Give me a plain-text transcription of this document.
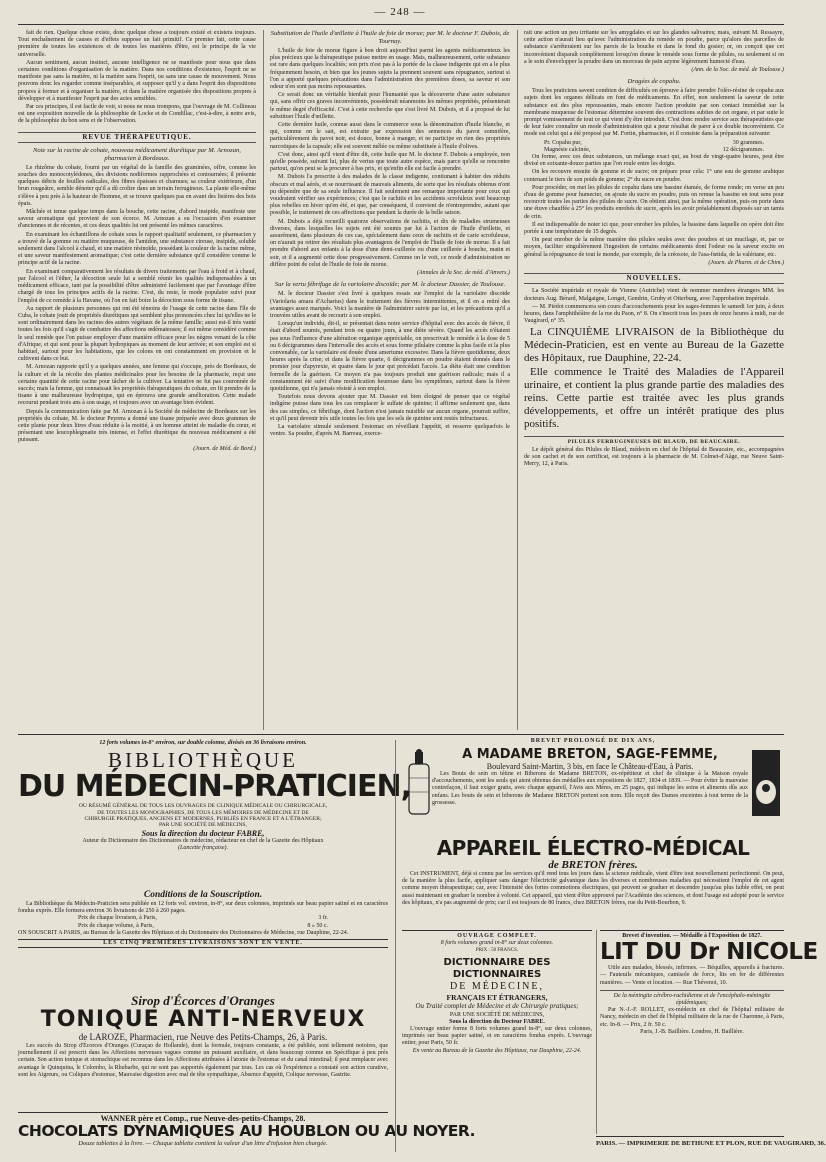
— 248 —

fait de rien. Quelque chose existe, donc quelque chose a toujours existé et existera toujours. Tout enchaînement de causes et d'effets suppose un fait primitif. Ce premier fait, cette cause première de toutes les existences et de toutes les manières d'être, est le principe de la vie universelle.

Aucun sentiment, aucun instinct, aucune intelligence ne se manifeste pour nous que dans certaines conditions d'organisation de la matière. Dans nos conditions d'existence, l'esprit ne se manifeste pas sans la matière, ni la matière sans l'esprit, ou sans une cause de mouvement. Nous pouvons donc les regarder comme inséparables, et supposer qu'il y a dans l'esprit des dispositions propres à former et à organiser la matière, et dans la matière organisée des dispositions propres à développer et à manifester l'esprit par des actes sensibles.

Par ces principes, il est facile de voir, si nous ne nous trompons, que l'ouvrage de M. Collineau est une exposition nouvelle de la philosophie de Locke et de Condillac, c'est-à-dire, à notre avis, de la philosophie du bon sens et de l'observation.

REVUE THÉRAPEUTIQUE.
Note sur la racine de cohate, nouveau médicament diurétique par M. Arnozan, pharmacien à Bordeaux.

Le rhizôme du cohate, fourni par un végétal de la famille des graminées, offre, comme les souches des monocotylédones, des divisions nodiformes rapprochées et contournées; il présente quelques débris de feuilles radicales, des fibres épaisses et charnues; sa couleur extérieure, d'un brun rougeâtre, semble dénoter qu'il a dû croître dans un terrain ferrugineux. La plante elle-même s'élève à peu près à la hauteur de l'homme, et se trouve quelques pas en avant des lisières des bois épais.

Mâchée et tenue quelque temps dans la bouche, cette racine, d'abord insipide, manifeste une saveur aromatique qui provient de son écorce. M. Arnozan a eu l'occasion d'en examiner d'anciennes et de récentes, et ces deux qualités lui ont présenté les mêmes caractères.

En examinant les échantillons de cohate sous le rapport qualitatif seulement, ce pharmacien y a trouvé de la gomme ou matière muqueuse, de l'amidon, une substance cireuse, insipide, soluble seulement dans l'alcool à chaud, et une matière résinoïde, possédant la couleur de la racine même, et une saveur manifestement aromatique; c'est cette dernière substance qu'il considère comme le principe actif de la racine.

En examinant comparativement les résultats de divers traitements par l'eau à froid et à chaud, par l'alcool et l'éther, la décoction seule lui a semblé réunir les qualités indispensables à un médicament efficace, tant par la possibilité d'être administré facilement que par l'avantage d'être chargé de tous les principes actifs de la racine. C'est, du reste, le mode populaire suivi pour l'emploi de ce remède à la Havane, où l'on en fait boire la décoction sous forme de tisane.

Au rapport de plusieurs personnes qui ont été témoins de l'usage de cette racine dans l'île de Cuba, le cohate jouit de propriétés diurétiques qui semblent plus prononcées chez lui qu'elles ne le sont ordinairement dans les racines des autres végétaux de la même famille; aussi est-il très vanté toutes les fois qu'il s'agit de combattre des affections œdémateuses; il est même considéré comme le seul remède que l'on puisse employer d'une manière efficace pour les nègres venant de la côte d'Afrique, et qui sont pour la plupart hydropiques au moment de leur arrivée; et son emploi est si habituel, surtout pour les habitations, que les colons en ont constamment en provision et le cultivent dans ce but.

M. Arnozan rapporte qu'il y a quelques années, une femme qui s'occupe, près de Bordeaux, de la culture et de la récolte des plantes médicinales pour les besoins de la pharmacie, reçut une certaine quantité de cette racine pour tâcher de la cultiver. La tentative ne fut pas couronnée de succès; mais la femme, qui connaissait les propriétés thérapeutiques du cohate, en fit prendre de la tisane à une malheureuse hydropique, qui en éprouva une grande amélioration. Cette malade recourut pendant trois ans à son usage, et toujours avec un avantage bien évident.

Depuis la communication faite par M. Arnozan à la Société de médecine de Bordeaux sur les propriétés du cohate, M. le docteur Peyrera a donné une tisane préparée avec deux grammes de cette plante pour deux litres d'eau réduite à la moitié, à un homme atteint de maladie du cœur, et présentant une leucophlegmatie très intense, et l'effet diurétique du nouveau médicament a été puissant.

(Journ. de Méd. de Bord.)
Substitution de l'huile d'œillette à l'huile de foie de morue; par M. le docteur F. Dubois, de Tournay.

L'huile de foie de morue figure à bon droit aujourd'hui parmi les agents médicamenteux les plus précieux que la thérapeutique puisse mettre en usage. Mais, malheureusement, cette substance est rare dans quelques localités; son prix n'est pas à la portée de la classe indigente qui en a le plus fréquemment besoin, et bien que les jeunes sujets la prennent souvent sans répugnance, surtout si l'on a apporté quelques précautions dans l'administration des premières doses, sa saveur et son odeur n'en sont pas moins repoussantes.

Ce serait donc un véritable bienfait pour l'humanité que la découverte d'une autre substance qui, sans offrir ces graves inconvénients, posséderait néanmoins les mêmes propriétés, présenterait le même degré d'efficacité. C'est à cette recherche que s'est livré M. Dubois, et il a proposé de lui substituer l'huile d'œillette.

Cette dernière huile, connue aussi dans le commerce sous la dénomination d'huile blanche, et qui, comme on le sait, est extraite par expression des semences du pavot somnifère, particulièrement du pavot noir, est douce, bonne à manger, et ne participe en rien des propriétés narcotiques de la capsule; elle est souvent mêlée ou même substituée à l'huile d'olives.

C'est donc, ainsi qu'il vient d'être dit, cette huile que M. le docteur F. Dubois a employée, non qu'elle possède, suivant lui, plus de vertus que toute autre espèce, mais parce qu'elle se rencontre partout, qu'on peut se la procurer à bas prix, et qu'enfin elle est facile à prendre.

M. Dubois l'a prescrite à des malades de la classe indigente, contiunant à habiter des réduits obscurs et mal aérés, et se nourrissant de mauvais aliments, de sorte que les résultats obtenus n'ont pu dépendre que de sa seule influence. Il fait seulement une remarque importante pour ceux qui voudraient vérifier ses expériences; c'est que le rachitis et les accidents scrofuleux sont beaucoup plus rebelles en hiver qu'en été, et que, par conséquent, il convient de n'entreprendre, autant que possible, le traitement de ces affections que pendant la durée de la belle saison.

M. Dubois a déjà recueilli quatorze observations de rachitis, et dix de maladies strumeuses diverses, dans lesquelles les sujets ont été soumis par lui à l'action de l'huile d'œillette, et assurément, dans plusieurs de ces cas, spécialement dans ceux de rachitis et de carie scrofuleuse, on n'aurait pu retirer des résultats plus avantageux de l'emploi de l'huile de foie de morue. Il a fait prendre d'abord aux enfants à la dose d'une demi-cuillerée ou d'une cuillerée à bouche, matin et soir, et il a augmenté cette dose progressivement. Comme on le voit, ce mode d'administration ne diffère point de celui de l'huile de foie de morue.

(Annales de la Soc. de méd. d'Anvers.)
Sur la vertu fébrifuge de la variolaire discoïde; par M. le docteur Dassier, de Toulouse.

M. le docteur Dassier s'est livré à quelques essais sur l'emploi de la variolaire discoïde (Variolaria amara d'Acharius) dans le traitement des fièvres intermittentes, et il en a retiré des avantages assez marqués. Voici la manière de l'administrer suivie par lui, et les précautions qu'il a trouvées utiles avant de recourir à son emploi.

Lorsqu'un individu, dit-il, se présentait dans notre service d'hôpital avec des accès de fièvre, il était d'abord soumis, pendant trois ou quatre jours, à une diète sévère. Quand les accès n'étaient pas sous l'influence d'une altération organique appréciable, on prescrivait le remède à la dose de 5 ou 6 décigrammes dans l'intervalle des accès et sous forme pilulaire comme la plus facile et la plus convenable, car la variolaire est douée d'une amertume excessive. Dans la fièvre quotidienne, deux heures après la crise; et dans la fièvre quarte, 6 décigrammes en poudre étaient donnés dans le premier jour d'apyrexie, et quatre dans le jour qui précédait l'accès. La diète était une condition formelle de la guérison. Ce moyen n'a pas toujours produit une guérison radicale; mais il a constamment été suivi d'une modification heureuse dans les symptômes, surtout dans la fièvre quotidienne, qui n'a jamais résisté à son emploi.

Toutefois nous devons ajouter que M. Dassier est bien éloigné de penser que ce végétal indigène puisse dans tous les cas remplacer le sulfate de quinine; il affirme seulement que, dans des cas simples, ce fébrifuge, dont l'action n'est jamais nuisible sur aucun organe, pourrait suffire, et qu'il peut devenir très utile toutes les fois que les sels de quinine sont restés infructueux.

La variolaire stimule seulement l'estomac en réveillant l'appétit, et resserre quelquefois le ventre. Sa poudre, d'après M. Barreau, exerce-

rait une action un peu irritante sur les amygdales et sur les glandes salivaires; mais, suivant M. Ressayre, cette action n'aurait lieu qu'avec l'administration du remède en poudre, parce qu'alors des parcelles de substance s'arrêteraient sur les parois de la bouche et dans le fond du gosier; or, on conçoit que cet inconvénient disparaît complètement lorsqu'on donne le remède sous forme de pilules, ou seulement si on a le soin d'envelopper la poudre dans un morceau de pain azyme légèrement humecté d'eau.

(Ann. de la Soc. de méd. de Toulouse.)
Dragées de copahu.

Tous les praticiens savent combien de difficultés on éprouve à faire prendre l'oléo-résine de copahu aux sujets dont les organes délicats en font de médicaments. En effet, non seulement la saveur de cette substance est des plus repoussantes, mais encore l'action produite par son contact immédiat sur la membrane muqueuse de l'estomac détermine souvent des contractions subites de cet organe, et par suite le prompt vomissement de tout ce qui vient d'y être introduit. C'est donc rendre service aux thérapeutistes que de leur faire connaître un mode d'administration qui a pour résultat de parer à ce double inconvénient. Ce mode est celui qui a été proposé par M. Fortin, pharmacien, et il consiste dans la préparation suivante:

Pr. Copahu pur,	30 grammes.
Magnésie calcinée,	12 décigrammes.

On forme, avec ces deux substances, un mélange exact qui, au bout de vingt-quatre heures, peut être divisé en soixante-douze parties que l'on roule entre les doigts.

On les recouvre ensuite de gomme et de sucre; on prépare pour cela: 1° une eau de gomme arabique contenant le tiers de son poids de gomme; 2° du sucre en poudre.

Pour procéder, on met les pilules de copahu dans une bassine étamée, de forme ronde; on verse un peu d'eau de gomme pour humecter, on ajoute du sucre en poudre, puis on remue la bassine en tout sens pour recouvrir toutes les parties des pilules de sucre. On obtient ainsi, par la même opération, puis on porte dans une étuve chauffée à 25° les produits enrobés de sucre, après les avoir préalablement disposés sur un tamis de crin.

Il est indispensable de noter ici que, pour enrober les pilules, la bassine dans laquelle on opère doit être portée à une température de 15 degrés.

On peut enrober de la même manière des pilules seules avec des poudres et un mucilage, et, par ce moyen, faciliter singulièrement l'ingestion de certains médicaments dont l'odeur ou la saveur excite en général la répugnance de tout le monde, par exemple, de la créosote, de l'asa-fœtida, de la valériane, etc.

(Journ. de Pharm. et de Chim.)
NOUVELLES.

La Société impériale et royale de Vienne (Autriche) vient de nommer membres étrangers MM. les docteurs Aug. Bérard, Malgaigne, Longet, Gendrin, Gruby et Otterburg, avec l'approbation impériale.

— M. Piédot commencera son cours d'accouchements pour les sages-femmes le samedi 1er juin, à deux heures, dans l'amphithéâtre de la rue du Paon, n° 8. On s'inscrit tous les jours de onze heures à midi, rue de Vaugirard, n° 35.

La CINQUIÈME LIVRAISON de la Bibliothèque du Médecin-Praticien, est en vente au Bureau de la Gazette des Hôpitaux, rue Dauphine, 22-24.

Elle commence le Traité des Maladies de l'Appareil urinaire, et contient la plus grande partie des maladies des reins. Cette partie est traitée avec les plus grands développements, et offre un intérêt pratique des plus positifs.

PILULES FERRUGINEUSES DE BLAUD, DE BEAUCAIRE.

Le dépôt général des Pilules de Blaud, médecin en chef de l'hôpital de Beaucaire, etc., accompagnées de son cachet et de son certificat, est toujours à la pharmacie de M. Colmet-d'Aâge, rue Neuve Saint-Merry, 12, à Paris.

12 forts volumes in-8° environ, sur double colonne, divisés en 36 livraisons environ.
BIBLIOTHÈQUE
DU MÉDECIN-PRATICIEN,
OU RÉSUMÉ GÉNÉRAL DE TOUS LES OUVRAGES DE CLINIQUE MÉDICALE OU CHIRURGICALE,
DE TOUTES LES MONOGRAPHIES, DE TOUS LES MÉMOIRES DE MÉDECINE ET DE
CHIRURGIE PRATIQUES, ANCIENS ET MODERNES, PUBLIÉS EN FRANCE ET A L'ÉTRANGER;
PAR UNE SOCIÉTÉ DE MÉDECINS,
Sous la direction du docteur FABRE,
Auteur du Dictionnaire des Dictionnaires de médecine, rédacteur en chef de la Gazette des Hôpitaux
(Lancette française).
Conditions de la Souscription.
La Bibliothèque du Médecin-Praticien sera publiée en 12 forts vol. environ, in-8°, sur deux colonnes, imprimés sur beau papier satiné et en caractères fondus exprès. Elle formera environ 36 livraisons de 250 à 260 pages.
Prix de chaque livraison, à Paris,	3 fr.
Prix de chaque volume, à Paris,	8 » 50 c.
ON SOUSCRIT A PARIS, au Bureau de la Gazette des Hôpitaux et du Dictionnaire des Dictionnaires de Médecine, rue Dauphine, 22-24.
LES CINQ PREMIÈRES LIVRAISONS SONT EN VENTE.
Sirop d'Écorces d'Oranges
TONIQUE ANTI-NERVEUX
de LAROZE, Pharmacien, rue Neuve des Petits-Champs, 26, à Paris.
Les succès du Sirop d'Écorces d'Oranges (Curaçao de Hollande), dont la formule, toujours constante, a été publiée, sont tellement notoires, que journellement il est prescrit dans les Affections nerveuses vagues comme un puissant auxiliaire, et dans beaucoup comme un Spécifique à peu près certain. Son action tonique et stomachique est reconnue dans les Affections attribuées à l'atonie de l'estomac et du canal intestinal; il peut remplacer avec avantage le Quinquina, le Colombo, la Rhubarbe, qui ne sont pas supportés également par tous. Les cas où l'expérience a constaté son action curative, sont les Aigreurs, ou Coliques d'estomac, Mauvaise digestion avec mal de tête sympathique, Absence d'appétit, Colique nerveuse, Gastrite.
WANNER père et Comp., rue Neuve-des-petits-Champs, 28.
CHOCOLATS DYNAMIQUES AU HOUBLON OU AU NOYER.
Douze tablettes à la livre. — Chaque tablette contient la valeur d'un litre d'infusion bien chargée.
BREVET PROLONGÉ DE DIX ANS,
A MADAME BRETON, SAGE-FEMME,
Boulevard Saint-Martin, 3 bis, en face le Château-d'Eau, à Paris.
Les Bouts de sein en tétine et Biberons de Madame BRETON, ex-répétiteur et chef de clinique à la Maison royale d'accouchements, sont les seuls qui aient obtenus des médailles aux expositions de 1827, 1834 et 1839. — Pour éviter la mauvaise contrefaçon, il faut exiger gratis, avec chaque appareil, l'Avis aux Mères, en 25 pages, qui indique les soins et aliments dûs aux enfans. Les bouts de sein et biberons de Madame BRETON portent son nom. Elle reçoit des Dames enceintes à tout terme de la grossesse.
APPAREIL ÉLECTRO-MÉDICAL
de BRETON frères.
Cet INSTRUMENT, déjà si connu par les services qu'il rend tous les jours dans la science médicale, vient d'être tout nouvellement perfectionné. On peut, de la manière la plus facile, appliquer sans danger l'électricité galvanique dans les diverses et nombreuses maladies qui nécessitent l'emploi de cet agent comme moyen thérapeutique; car, avec l'intensité des fortes commotions électriques, qui peuvent se graduer et descendre jusqu'au plus faible effet, on peut aussi maintenant en graduer le nombre à volonté. Cet appareil, qui vient d'être approuvé par l'Académie des sciences, et dont l'usage est adopté pour le service des hôpitaux, n'a pas augmenté de prix; car il est toujours de 80 francs, chez BRETON frères, rue du Petit-Bourbon, 9.
OUVRAGE COMPLET.
8 forts volumes grand in-8° sur deux colonnes.
PRIX : 50 FRANCS.
DICTIONNAIRE DES DICTIONNAIRES
DE MÉDECINE,
FRANÇAIS ET ÉTRANGERS,
Ou Traité complet de Médecine et de Chirurgie pratiques;
PAR UNE SOCIÉTÉ DE MÉDECINS,
Sous la direction du Docteur FABRE.
L'ouvrage entier forme 8 forts volumes grand in-8°, sur deux colonnes, imprimés sur beau papier satiné, et en caractères fondus exprès. L'ouvrage entier, pour Paris, 50 fr.
En vente au Bureau de la Gazette des Hôpitaux, rue Dauphine, 22-24.
Brevet d'invention. — Médaille à l'Exposition de 1827.
LIT DU Dr NICOLE
Utile aux malades, blessés, infirmes. — Béquilles, appareils à fractures. — Fauteuils mécaniques, camisole de force, lits en fer de différentes manières. — Vente et location. — Rue Thévenot, 10.
De la méningite cérébro-rachidienne et de l'encéphalo-méningite épidémiques;
Par N.-J.-F. ROLLET, ex-médecin en chef de l'hôpital militaire de Nancy, médecin en chef de l'hôpital militaire de la rue de Charonne, à Paris, etc. In-8. — Prix, 2 fr. 50 c.
Paris, J.-B. Baillière. Londres, H. Baillière.
PARIS. — IMPRIMERIE DE BETHUNE ET PLON, RUE DE VAUGIRARD, 36.
